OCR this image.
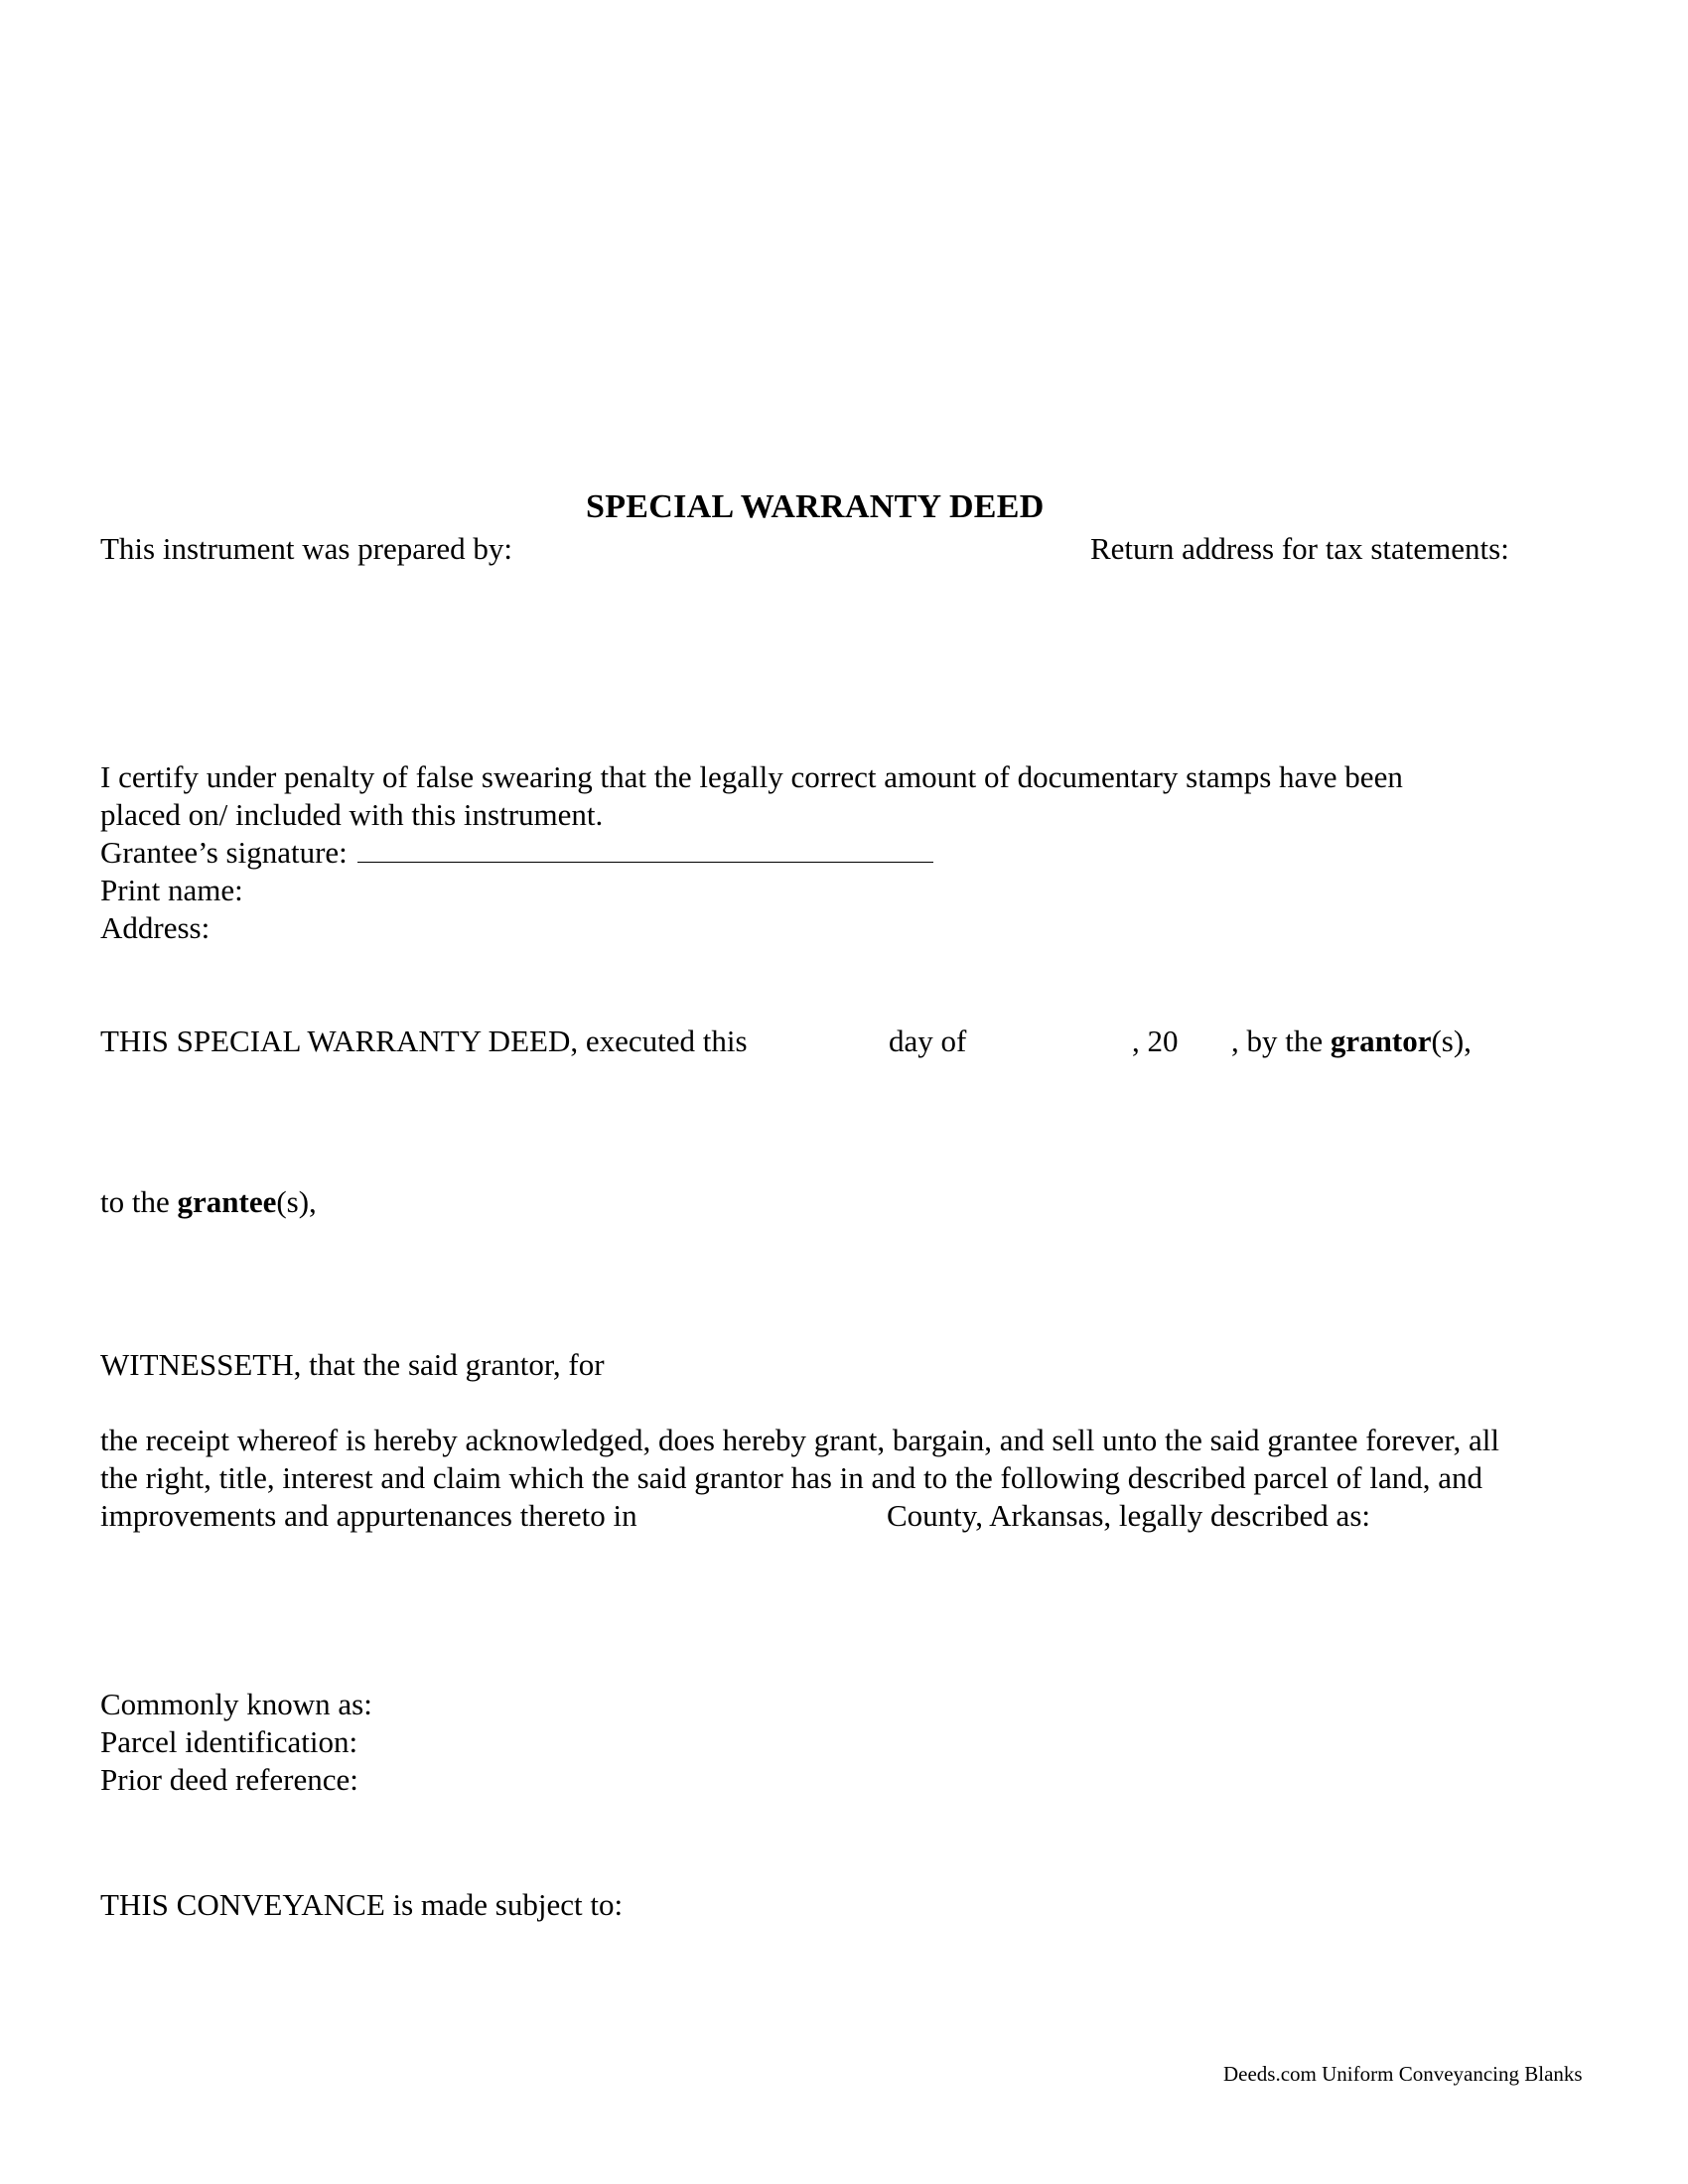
SPECIAL WARRANTY DEED
This instrument was prepared by:	Return address for tax statements:
I certify under penalty of false swearing that the legally correct amount of documentary stamps have been
placed on/ included with this instrument.
Grantee’s signature:
Print name:
Address:
THIS SPECIAL WARRANTY DEED, executed this	day of	, 20 , by the grantor(s),
to the grantee(s),
WITNESSETH, that the said grantor, for
the receipt whereof is hereby acknowledged, does hereby grant, bargain, and sell unto the said grantee forever, all
the right, title, interest and claim which the said grantor has in and to the following described parcel of land, and
improvements and appurtenances thereto in	County, Arkansas, legally described as:
Commonly known as:
Parcel identification:
Prior deed reference:
THIS CONVEYANCE is made subject to:
Deeds.com Uniform Conveyancing Blanks
